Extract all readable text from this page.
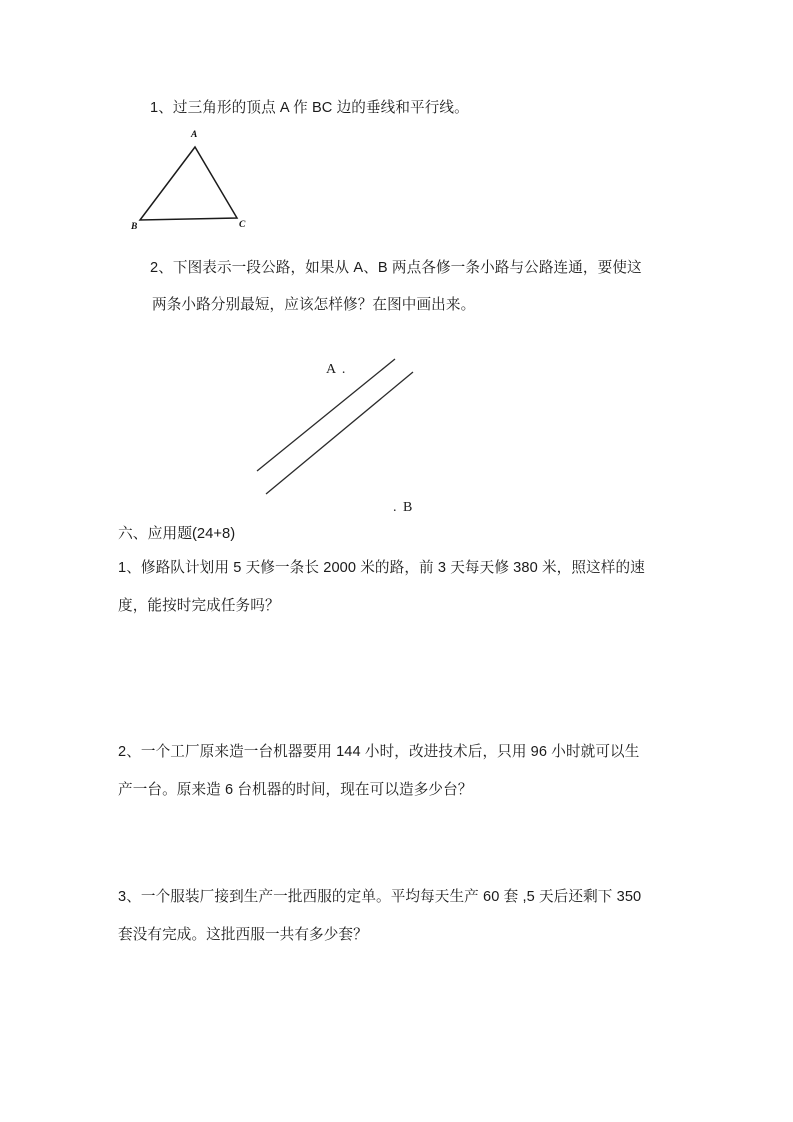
1、过三角形的顶点 A 作 BC 边的垂线和平行线。
A
B	C
2、下图表示一段公路，如果从 A、B 两点各修一条小路与公路连通，要使这
两条小路分别最短，应该怎样修？在图中画出来。
A .
. B
六、应用题(24+8)
1、修路队计划用 5 天修一条长 2000 米的路，前 3 天每天修 380 米，照这样的速
度，能按时完成任务吗？
2、一个工厂原来造一台机器要用 144 小时，改进技术后，只用 96 小时就可以生
产一台。原来造 6 台机器的时间，现在可以造多少台？
3、一个服装厂接到生产一批西服的定单。平均每天生产 60 套 ,5 天后还剩下 350
套没有完成。这批西服一共有多少套？
